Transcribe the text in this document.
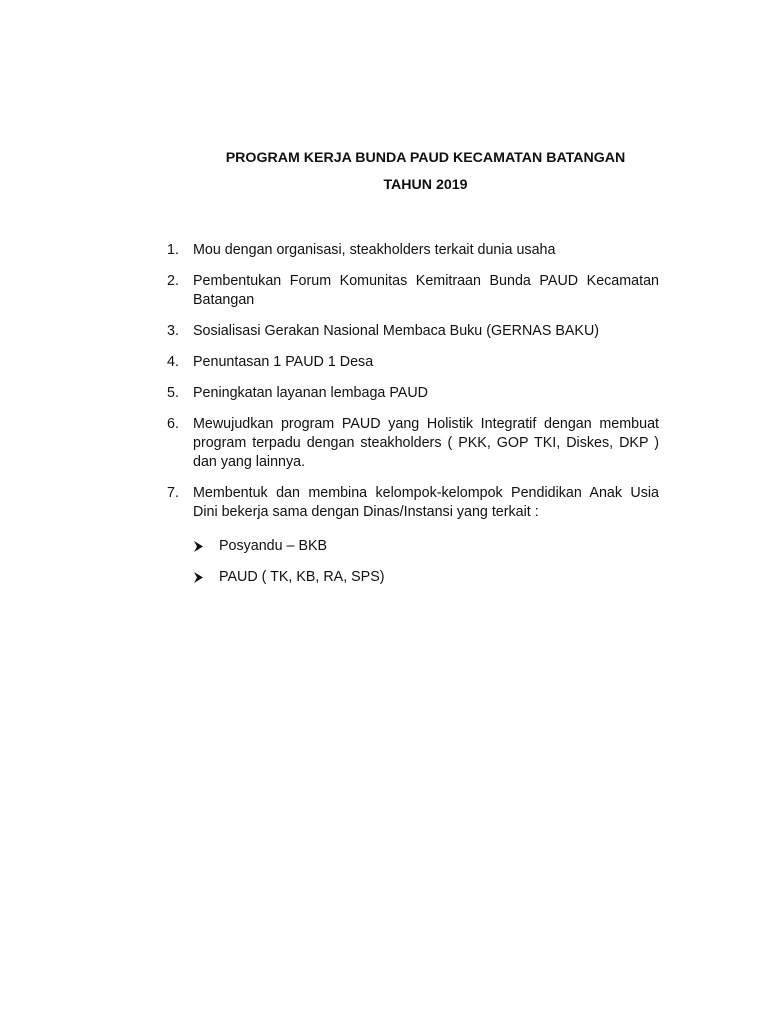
PROGRAM KERJA BUNDA PAUD KECAMATAN BATANGAN

TAHUN 2019

1. Mou dengan organisasi, steakholders terkait dunia usaha
2. Pembentukan Forum Komunitas Kemitraan Bunda PAUD Kecamatan Batangan
3. Sosialisasi Gerakan Nasional Membaca Buku (GERNAS BAKU)
4. Penuntasan 1 PAUD 1 Desa
5. Peningkatan layanan lembaga PAUD
6. Mewujudkan program PAUD yang Holistik Integratif dengan membuat program terpadu dengan steakholders ( PKK, GOP TKI, Diskes, DKP ) dan yang lainnya.
7. Membentuk dan membina kelompok-kelompok Pendidikan Anak Usia Dini bekerja sama dengan Dinas/Instansi yang terkait :
Posyandu – BKB
PAUD ( TK, KB, RA, SPS)
